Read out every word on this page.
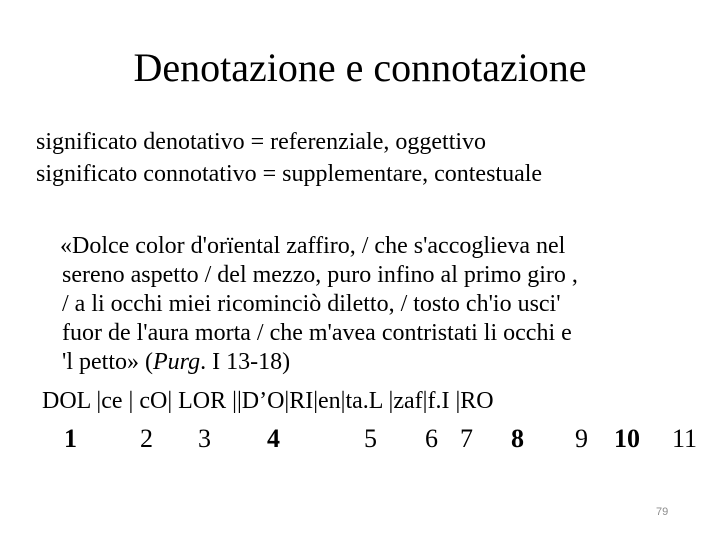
Denotazione e connotazione
significato denotativo = referenziale, oggettivo
significato connotativo = supplementare, contestuale
«Dolce color d'orïental zaffiro, / che s'accoglieva nel
sereno aspetto / del mezzo, puro infino al primo giro ,
/ a li occhi miei ricominciò diletto, / tosto ch'io usci'
fuor de l'aura morta / che m'avea contristati li occhi e
'l petto» (Purg. I 13-18)
DOL |ce | cO| LOR ||D’O|RI|en|ta.L |zaf|f.I |RO
1 2 3 4	5 6 7 8 9 10 11
79
